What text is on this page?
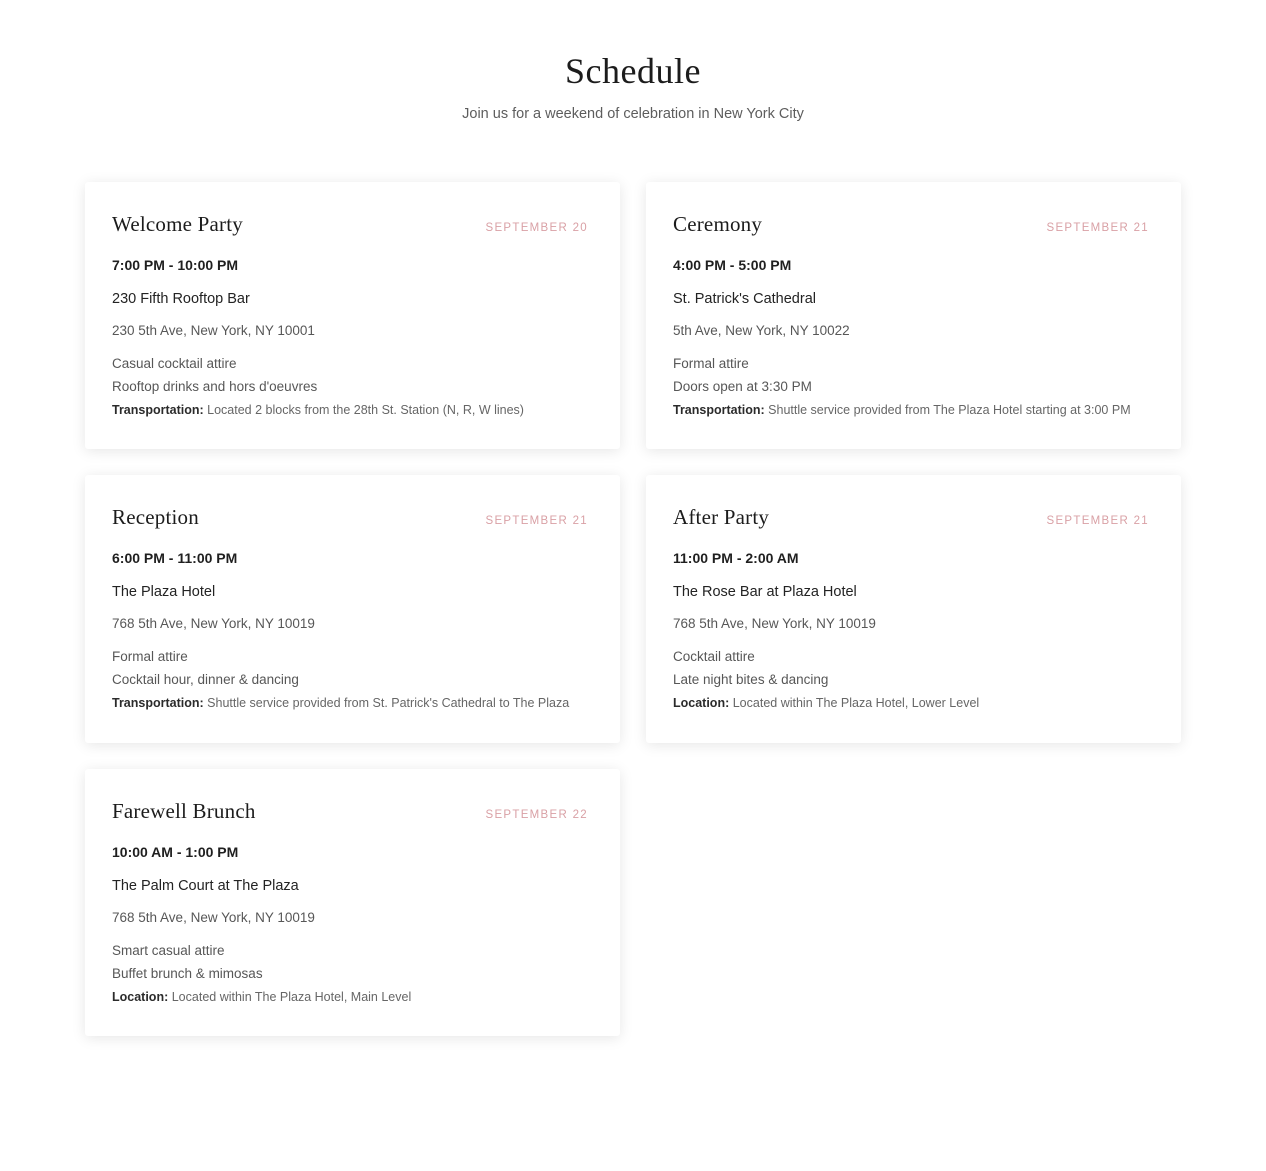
Schedule

Join us for a weekend of celebration in New York City

Welcome Party	SEPTEMBER 20
7:00 PM - 10:00 PM
230 Fifth Rooftop Bar
230 5th Ave, New York, NY 10001
Casual cocktail attire
Rooftop drinks and hors d'oeuvres
Transportation: Located 2 blocks from the 28th St. Station (N, R, W lines)
Ceremony	SEPTEMBER 21
4:00 PM - 5:00 PM
St. Patrick's Cathedral
5th Ave, New York, NY 10022
Formal attire
Doors open at 3:30 PM
Transportation: Shuttle service provided from The Plaza Hotel starting at 3:00 PM
Reception	SEPTEMBER 21
6:00 PM - 11:00 PM
The Plaza Hotel
768 5th Ave, New York, NY 10019
Formal attire
Cocktail hour, dinner & dancing
Transportation: Shuttle service provided from St. Patrick's Cathedral to The Plaza
After Party	SEPTEMBER 21
11:00 PM - 2:00 AM
The Rose Bar at Plaza Hotel
768 5th Ave, New York, NY 10019
Cocktail attire
Late night bites & dancing
Location: Located within The Plaza Hotel, Lower Level
Farewell Brunch	SEPTEMBER 22
10:00 AM - 1:00 PM
The Palm Court at The Plaza
768 5th Ave, New York, NY 10019
Smart casual attire
Buffet brunch & mimosas
Location: Located within The Plaza Hotel, Main Level
